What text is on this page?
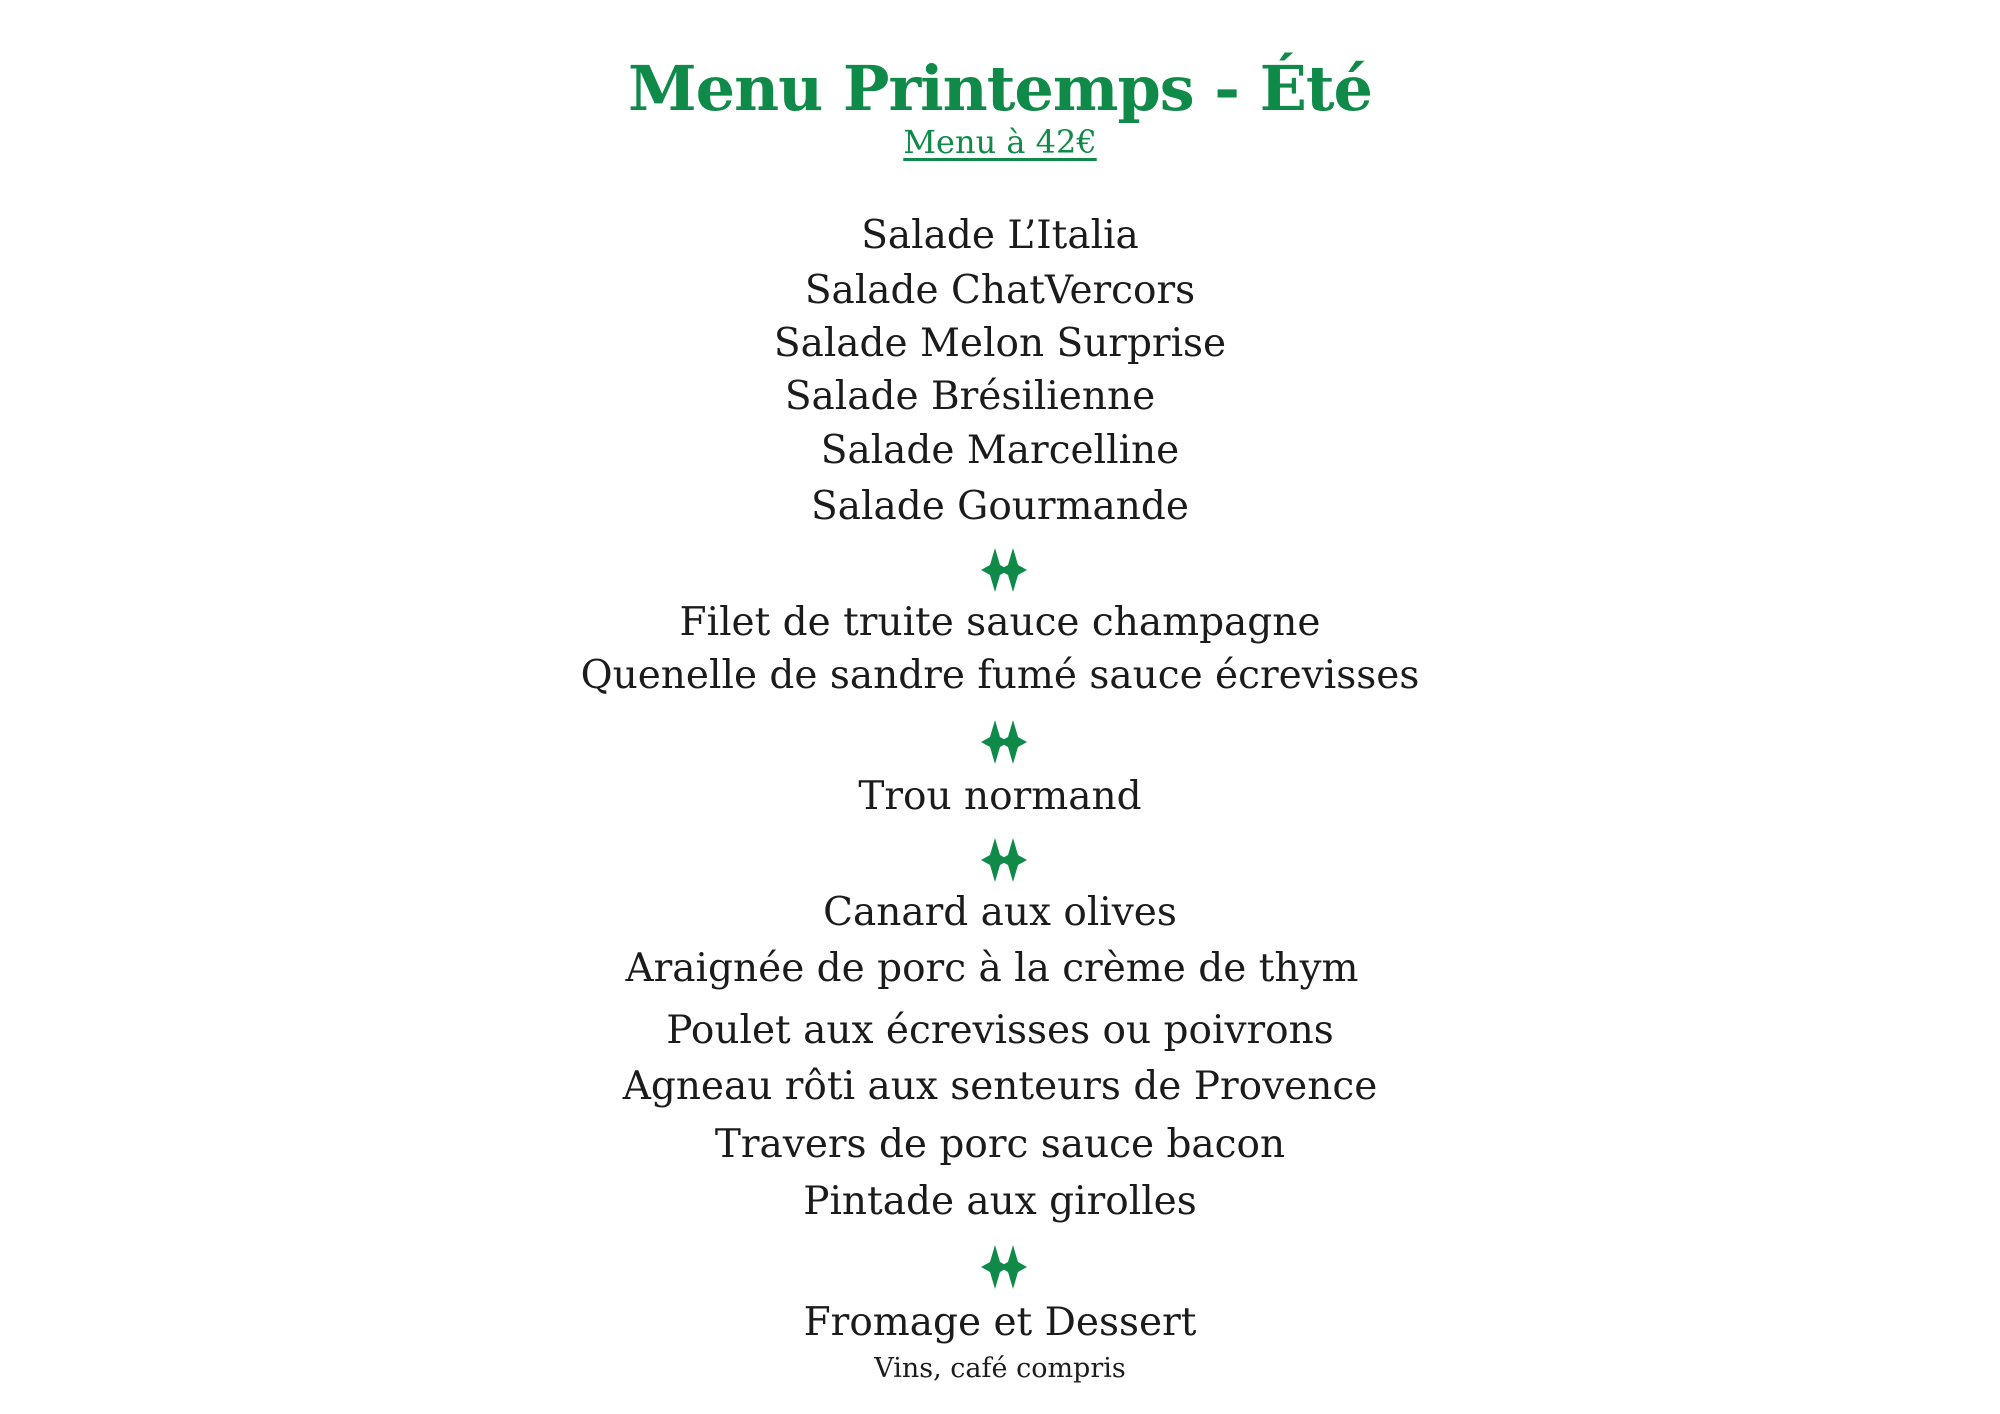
Menu Printemps - Été
Menu à 42€
Salade L’Italia
Salade ChatVercors
Salade Melon Surprise
Salade Brésilienne
Salade Marcelline
Salade Gourmande
Filet de truite sauce champagne
Quenelle de sandre fumé sauce écrevisses
Trou normand
Canard aux olives
Araignée de porc à la crème de thym
Poulet aux écrevisses ou poivrons
Agneau rôti aux senteurs de Provence
Travers de porc sauce bacon
Pintade aux girolles
Fromage et Dessert
Vins, café compris
